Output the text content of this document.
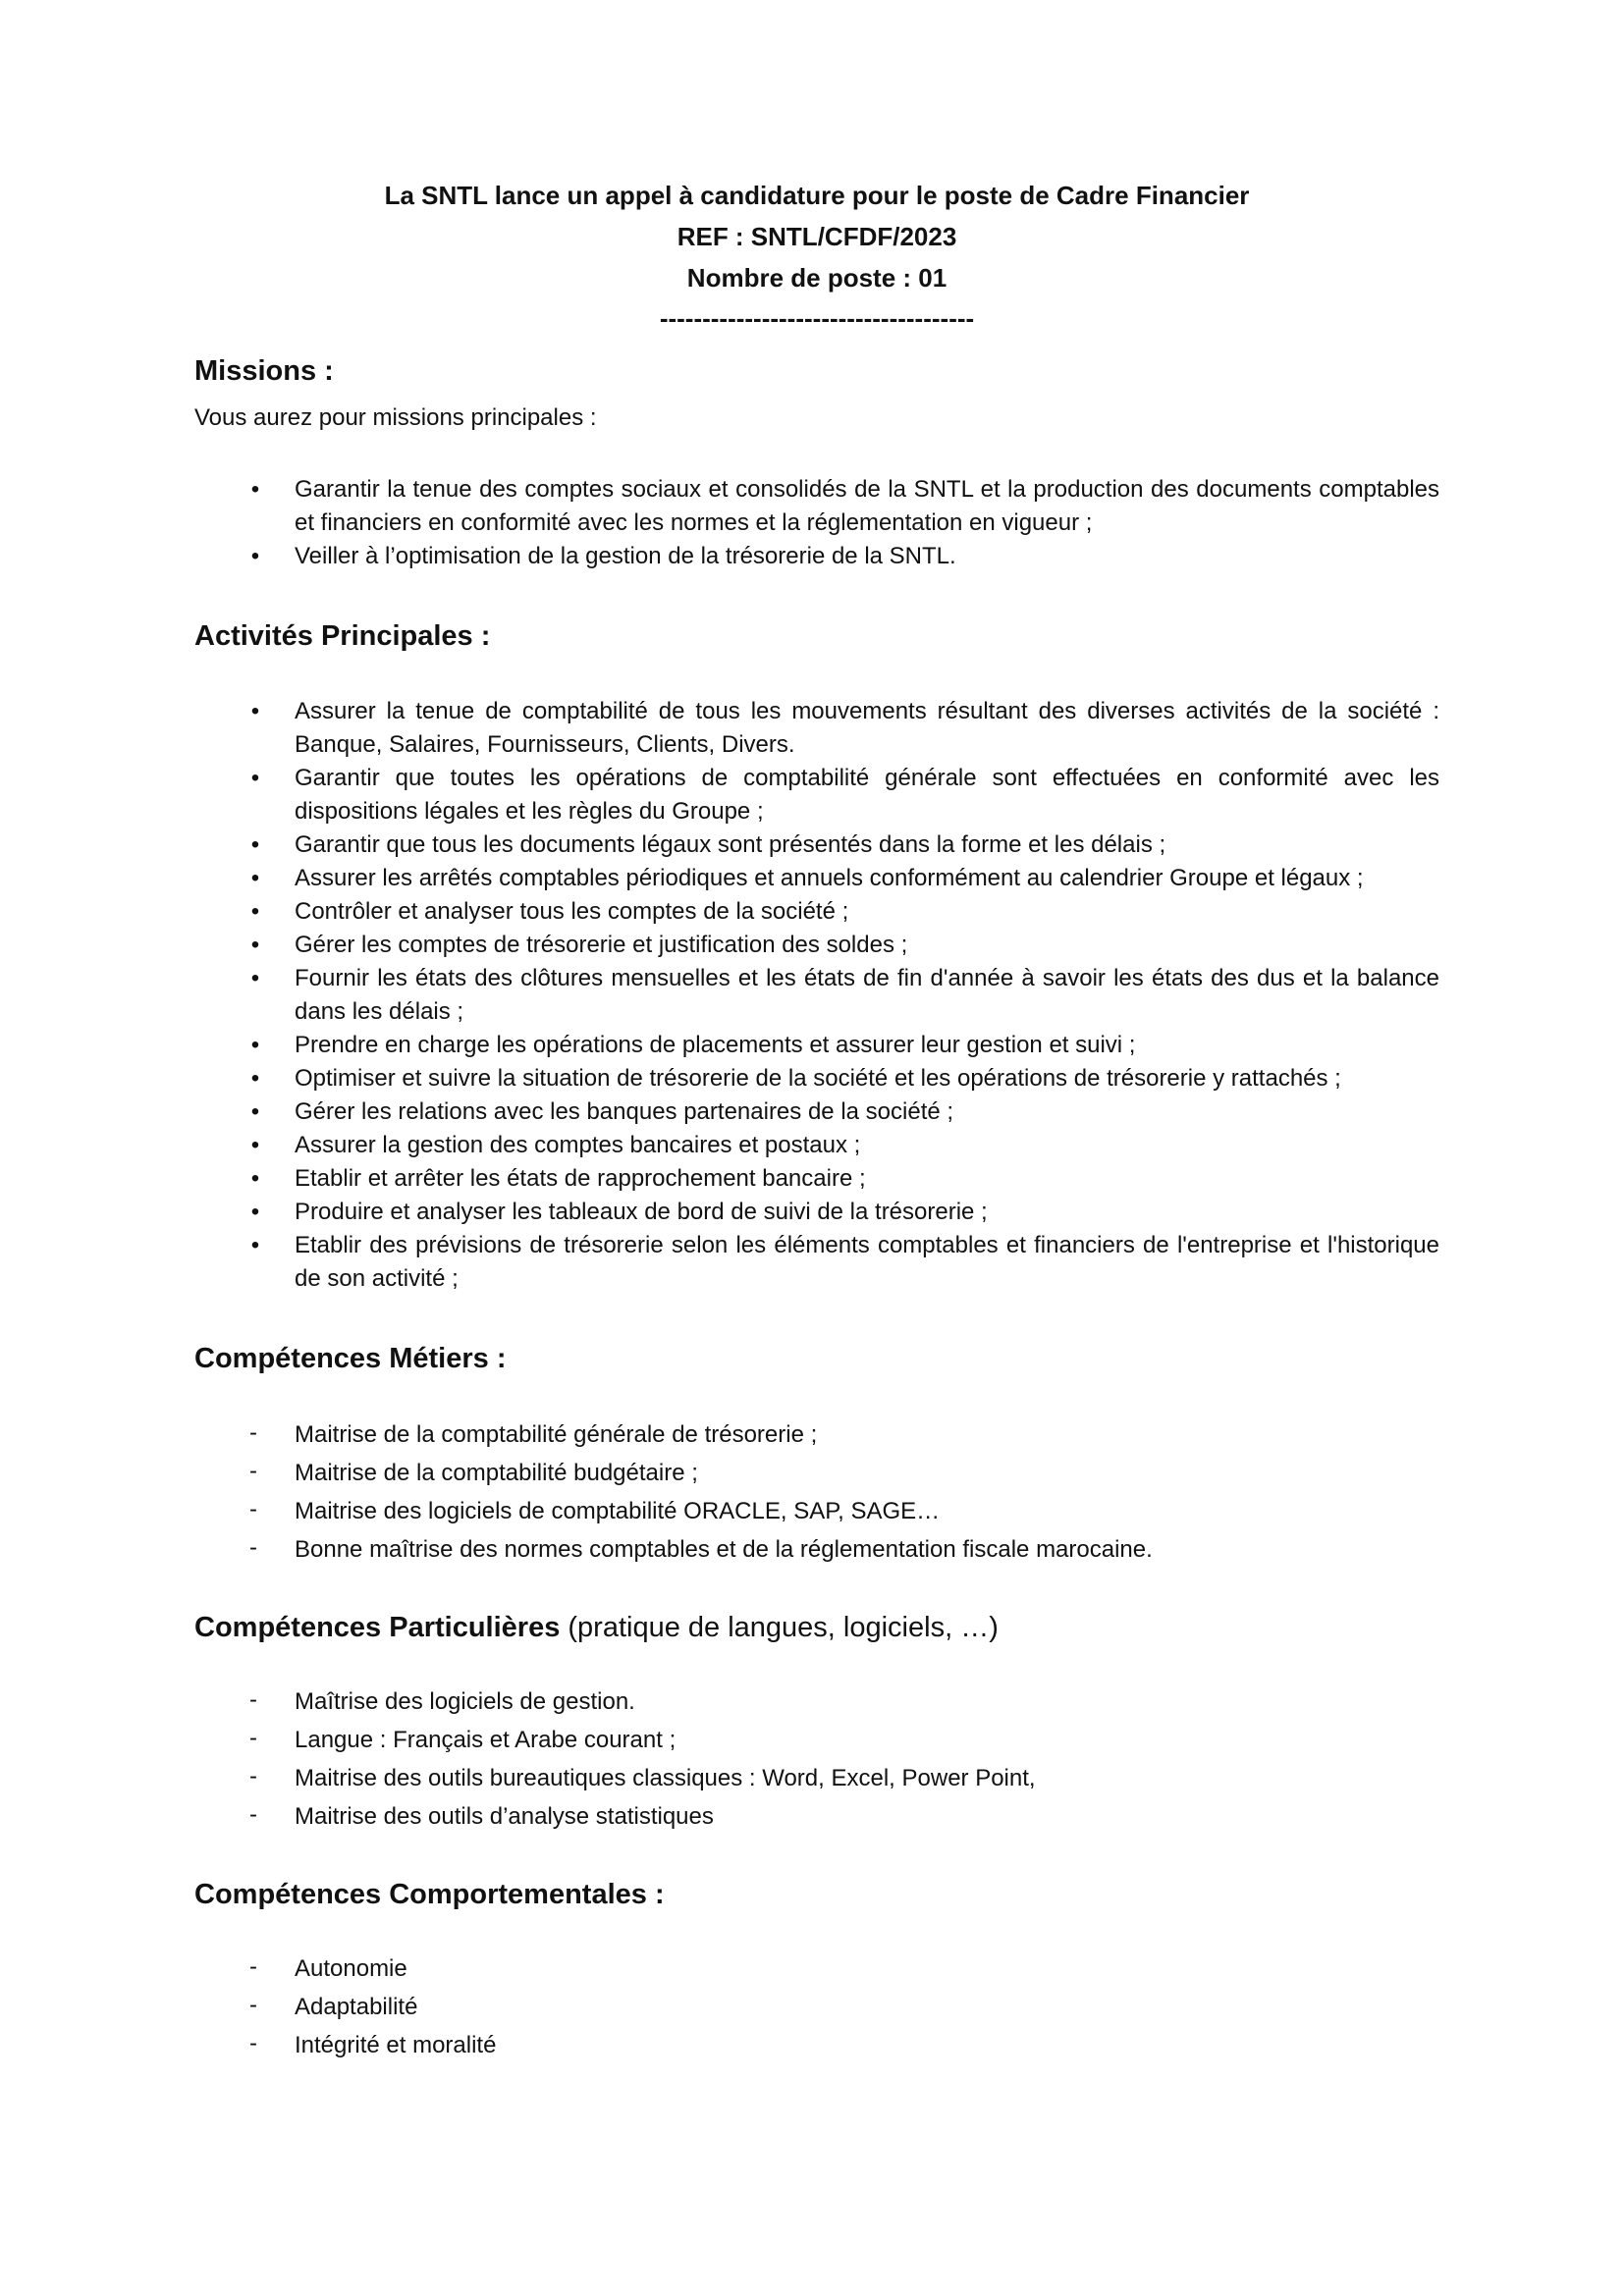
La SNTL lance un appel à candidature pour le poste de Cadre Financier
REF : SNTL/CFDF/2023
Nombre de poste : 01
-------------------------------------
Missions :

Vous aurez pour missions principales :

• Garantir la tenue des comptes sociaux et consolidés de la SNTL et la production des documents comptables et financiers en conformité avec les normes et la réglementation en vigueur ;
• Veiller à l’optimisation de la gestion de la trésorerie de la SNTL.
Activités Principales :
• Assurer la tenue de comptabilité de tous les mouvements résultant des diverses activités de la société : Banque, Salaires, Fournisseurs, Clients, Divers.
• Garantir que toutes les opérations de comptabilité générale sont effectuées en conformité avec les dispositions légales et les règles du Groupe ;
• Garantir que tous les documents légaux sont présentés dans la forme et les délais ;
• Assurer les arrêtés comptables périodiques et annuels conformément au calendrier Groupe et légaux ;
• Contrôler et analyser tous les comptes de la société ;
• Gérer les comptes de trésorerie et justification des soldes ;
• Fournir les états des clôtures mensuelles et les états de fin d'année à savoir les états des dus et la balance dans les délais ;
• Prendre en charge les opérations de placements et assurer leur gestion et suivi ;
• Optimiser et suivre la situation de trésorerie de la société et les opérations de trésorerie y rattachés ;
• Gérer les relations avec les banques partenaires de la société ;
• Assurer la gestion des comptes bancaires et postaux ;
• Etablir et arrêter les états de rapprochement bancaire ;
• Produire et analyser les tableaux de bord de suivi de la trésorerie ;
• Etablir des prévisions de trésorerie selon les éléments comptables et financiers de l'entreprise et l'historique de son activité ;
Compétences Métiers :
- Maitrise de la comptabilité générale de trésorerie ;
- Maitrise de la comptabilité budgétaire ;
- Maitrise des logiciels de comptabilité ORACLE, SAP, SAGE…
- Bonne maîtrise des normes comptables et de la réglementation fiscale marocaine.
Compétences Particulières (pratique de langues, logiciels, …)
- Maîtrise des logiciels de gestion.
- Langue : Français et Arabe courant ;
- Maitrise des outils bureautiques classiques : Word, Excel, Power Point,
- Maitrise des outils d’analyse statistiques
Compétences Comportementales :
- Autonomie
- Adaptabilité
- Intégrité et moralité
